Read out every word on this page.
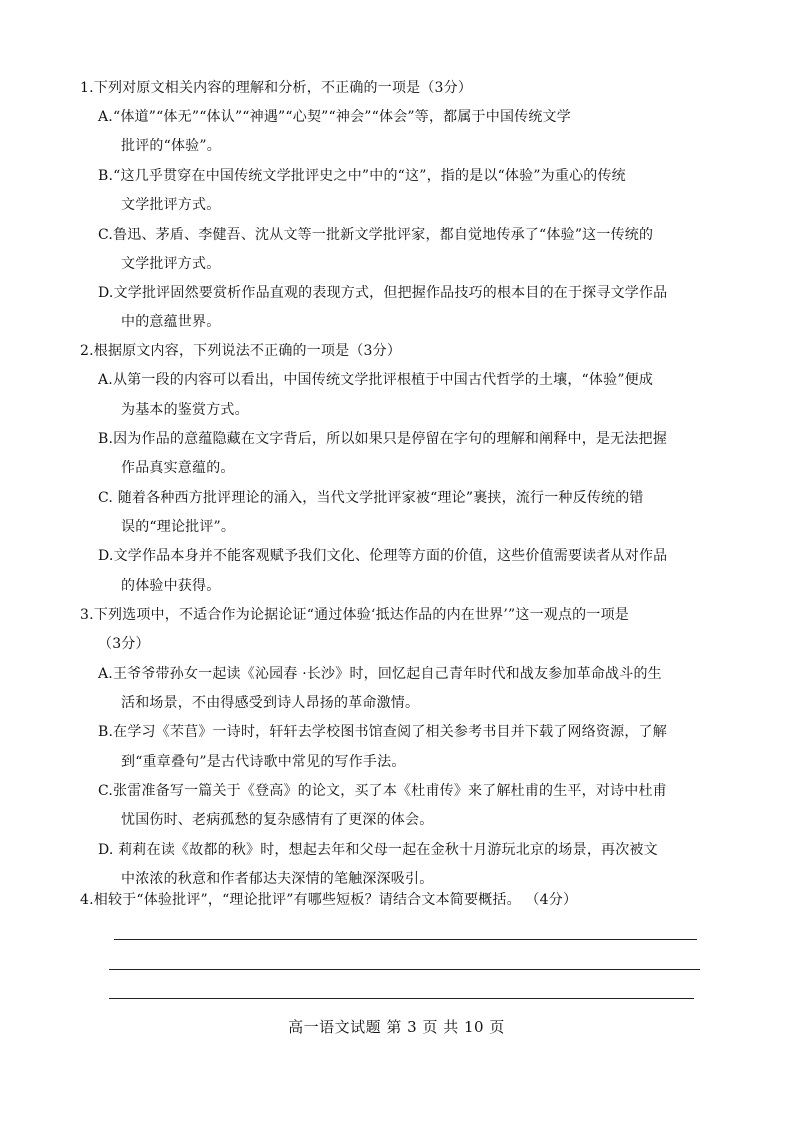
1.下列对原文相关内容的理解和分析，不正确的一项是（3分）
A.“体道”“体无”“体认”“神遇”“心契”“神会”“体会”等，都属于中国传统文学
批评的“体验”。
B.“这几乎贯穿在中国传统文学批评史之中”中的“这”，指的是以“体验”为重心的传统
文学批评方式。
C.鲁迅、茅盾、李健吾、沈从文等一批新文学批评家，都自觉地传承了“体验”这一传统的
文学批评方式。
D.文学批评固然要赏析作品直观的表现方式，但把握作品技巧的根本目的在于探寻文学作品
中的意蕴世界。
2.根据原文内容，下列说法不正确的一项是（3分）
A.从第一段的内容可以看出，中国传统文学批评根植于中国古代哲学的土壤，“体验”便成
为基本的鉴赏方式。
B.因为作品的意蕴隐藏在文字背后，所以如果只是停留在字句的理解和阐释中，是无法把握
作品真实意蕴的。
C. 随着各种西方批评理论的涌入，当代文学批评家被“理论”裹挟，流行一种反传统的错
误的“理论批评”。
D.文学作品本身并不能客观赋予我们文化、伦理等方面的价值，这些价值需要读者从对作品
的体验中获得。
3.下列选项中，不适合作为论据论证“通过体验‘抵达作品的内在世界’”这一观点的一项是
（3分）
A.王爷爷带孙女一起读《沁园春 ·长沙》时，回忆起自己青年时代和战友参加革命战斗的生
活和场景，不由得感受到诗人昂扬的革命激情。
B.在学习《芣苢》一诗时，轩轩去学校图书馆查阅了相关参考书目并下载了网络资源，了解
到“重章叠句”是古代诗歌中常见的写作手法。
C.张雷准备写一篇关于《登高》的论文，买了本《杜甫传》来了解杜甫的生平，对诗中杜甫
忧国伤时、老病孤愁的复杂感情有了更深的体会。
D. 莉莉在读《故都的秋》时，想起去年和父母一起在金秋十月游玩北京的场景，再次被文
中浓浓的秋意和作者郁达夫深情的笔触深深吸引。
4.相较于“体验批评”，“理论批评”有哪些短板？请结合文本简要概括。 （4分）
高一语文试题 第 3 页 共 10 页
